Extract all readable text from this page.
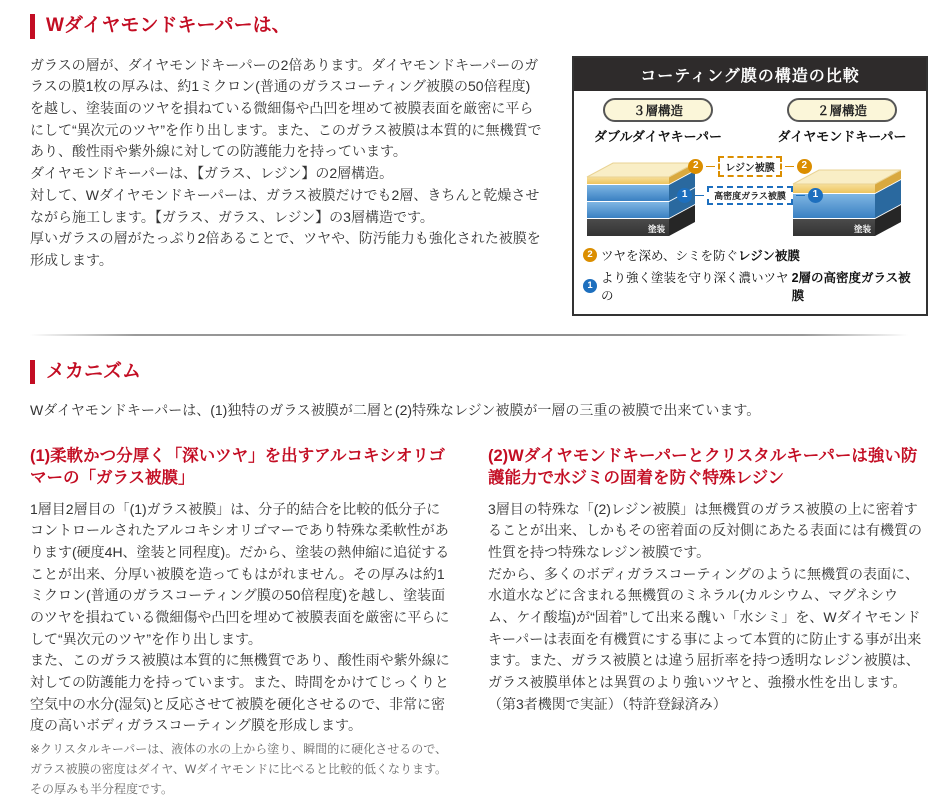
Wダイヤモンドキーパーは、
ガラスの層が、ダイヤモンドキーパーの2倍あります。ダイヤモンドキーパーのガラスの膜1枚の厚みは、約1ミクロン(普通のガラスコーティング被膜の50倍程度)を越し、塗装面のツヤを損ねている微細傷や凸凹を埋めて被膜表面を厳密に平らにして“異次元のツヤ”を作り出します。また、このガラス被膜は本質的に無機質であり、酸性雨や紫外線に対しての防護能力を持っています。
ダイヤモンドキーパーは、【ガラス、レジン】の2層構造。
対して、Wダイヤモンドキーパーは、ガラス被膜だけでも2層、きちんと乾燥させながら施工します。【ガラス、ガラス、レジン】の3層構造です。
厚いガラスの層がたっぷり2倍あることで、ツヤや、防汚能力も強化された被膜を形成します。
コーティング膜の構造の比較
３層構造
ダブルダイヤキーパー
２層構造
ダイヤモンドキーパー
塗装
2	レジン被膜	2
1	高密度ガラス被膜	1
塗装
2 ツヤを深め、シミを防ぐ レジン被膜
1
より強く塗装を守り深く濃いツヤの
2層の高密度ガラス被膜
メカニズム
Wダイヤモンドキーパーは、(1)独特のガラス被膜が二層と(2)特殊なレジン被膜が一層の三重の被膜で出来ています。
(1)柔軟かつ分厚く「深いツヤ」を出すアルコキシオリゴマーの「ガラス被膜」
1層目2層目の「(1)ガラス被膜」は、分子的結合を比較的低分子にコントロールされたアルコキシオリゴマーであり特殊な柔軟性があります(硬度4H、塗装と同程度)。だから、塗装の熱伸縮に追従することが出来、分厚い被膜を造ってもはがれません。その厚みは約1ミクロン(普通のガラスコーティング膜の50倍程度)を越し、塗装面のツヤを損ねている微細傷や凸凹を埋めて被膜表面を厳密に平らにして“異次元のツヤ”を作り出します。
また、このガラス被膜は本質的に無機質であり、酸性雨や紫外線に対しての防護能力を持っています。また、時間をかけてじっくりと空気中の水分(湿気)と反応させて被膜を硬化させるので、非常に密度の高いボディガラスコーティング膜を形成します。
※クリスタルキーパーは、液体の水の上から塗り、瞬間的に硬化させるので、ガラス被膜の密度はダイヤ、Wダイヤモンドに比べると比較的低くなります。その厚みも半分程度です。
(2)Wダイヤモンドキーパーとクリスタルキーパーは強い防護能力で水ジミの固着を防ぐ特殊レジン
3層目の特殊な「(2)レジン被膜」は無機質のガラス被膜の上に密着することが出来、しかもその密着面の反対側にあたる表面には有機質の性質を持つ特殊なレジン被膜です。
だから、多くのボディガラスコーティングのように無機質の表面に、水道水などに含まれる無機質のミネラル(カルシウム、マグネシウム、ケイ酸塩)が“固着”して出来る醜い「水シミ」を、Wダイヤモンドキーパーは表面を有機質にする事によって本質的に防止する事が出来ます。また、ガラス被膜とは違う屈折率を持つ透明なレジン被膜は、ガラス被膜単体とは異質のより強いツヤと、強撥水性を出します。
（第3者機関で実証）（特許登録済み）
